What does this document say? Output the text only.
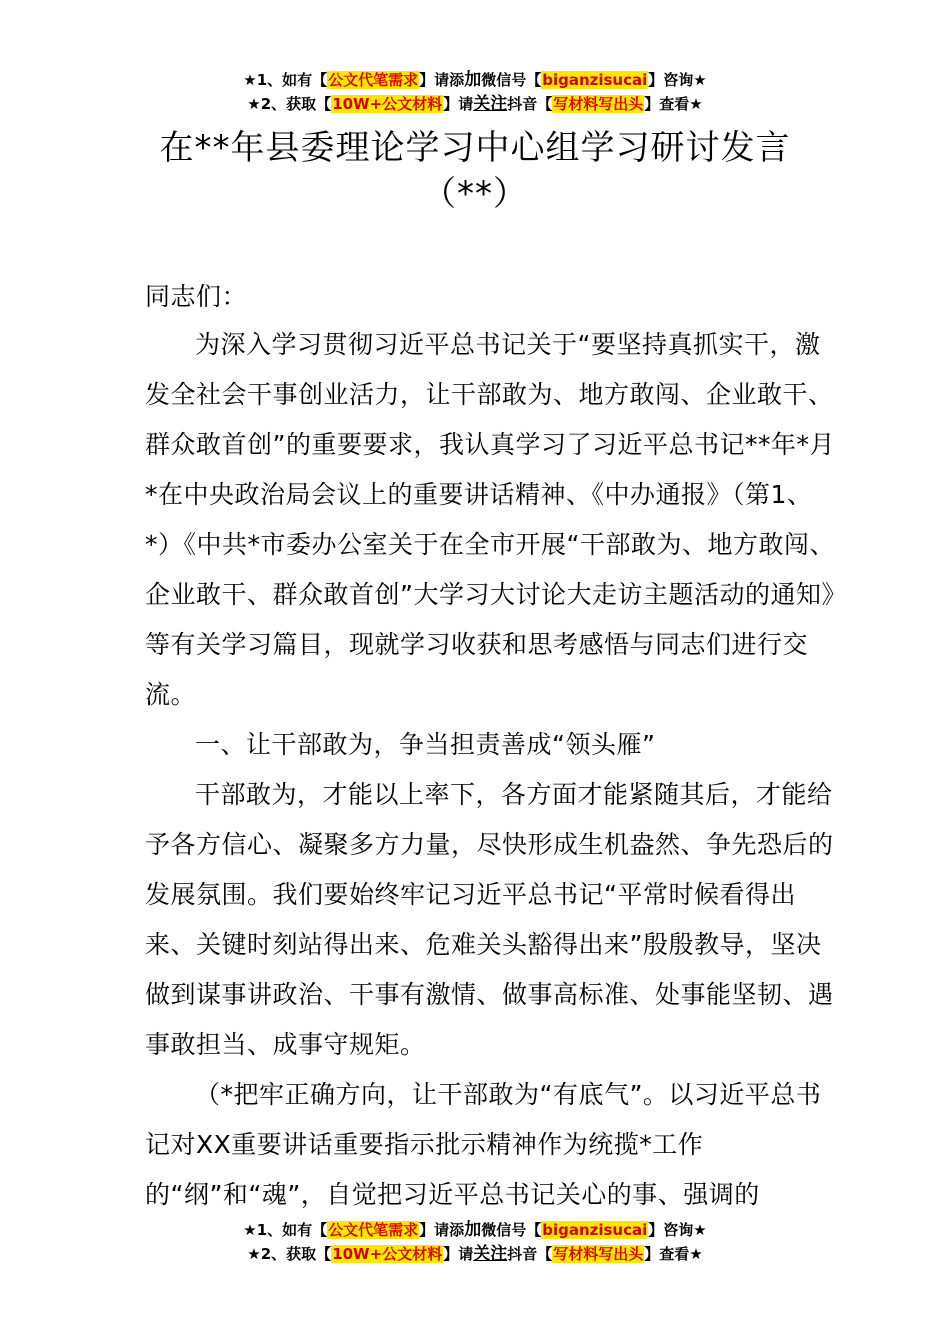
★1、如有【公文代笔需求】请添加微信号【biganzisucai】咨询★
★2、获取【10W+公文材料】请关注抖音【写材料写出头】查看★
在**年县委理论学习中心组学习研讨发言
（**）
同志们：

为深入学习贯彻习近平总书记关于“要坚持真抓实干，激发全社会干事创业活力，让干部敢为、地方敢闯、企业敢干、群众敢首创”的重要要求，我认真学习了习近平总书记**年*月*在中央政治局会议上的重要讲话精神、《中办通报》（第1、*）《中共*市委办公室关于在全市开展“干部敢为、地方敢闯、企业敢干、群众敢首创”大学习大讨论大走访主题活动的通知》等有关学习篇目，现就学习收获和思考感悟与同志们进行交流。

一、让干部敢为，争当担责善成“领头雁”

干部敢为，才能以上率下，各方面才能紧随其后，才能给予各方信心、凝聚多方力量，尽快形成生机盎然、争先恐后的发展氛围。我们要始终牢记习近平总书记“平常时候看得出来、关键时刻站得出来、危难关头豁得出来”殷殷教导，坚决做到谋事讲政治、干事有激情、做事高标准、处事能坚韧、遇事敢担当、成事守规矩。

（*把牢正确方向，让干部敢为“有底气”。以习近平总书记对XX重要讲话重要指示批示精神作为统揽*工作的“纲”和“魂”，自觉把习近平总书记关心的事、强调的

★1、如有【公文代笔需求】请添加微信号【biganzisucai】咨询★
★2、获取【10W+公文材料】请关注抖音【写材料写出头】查看★
